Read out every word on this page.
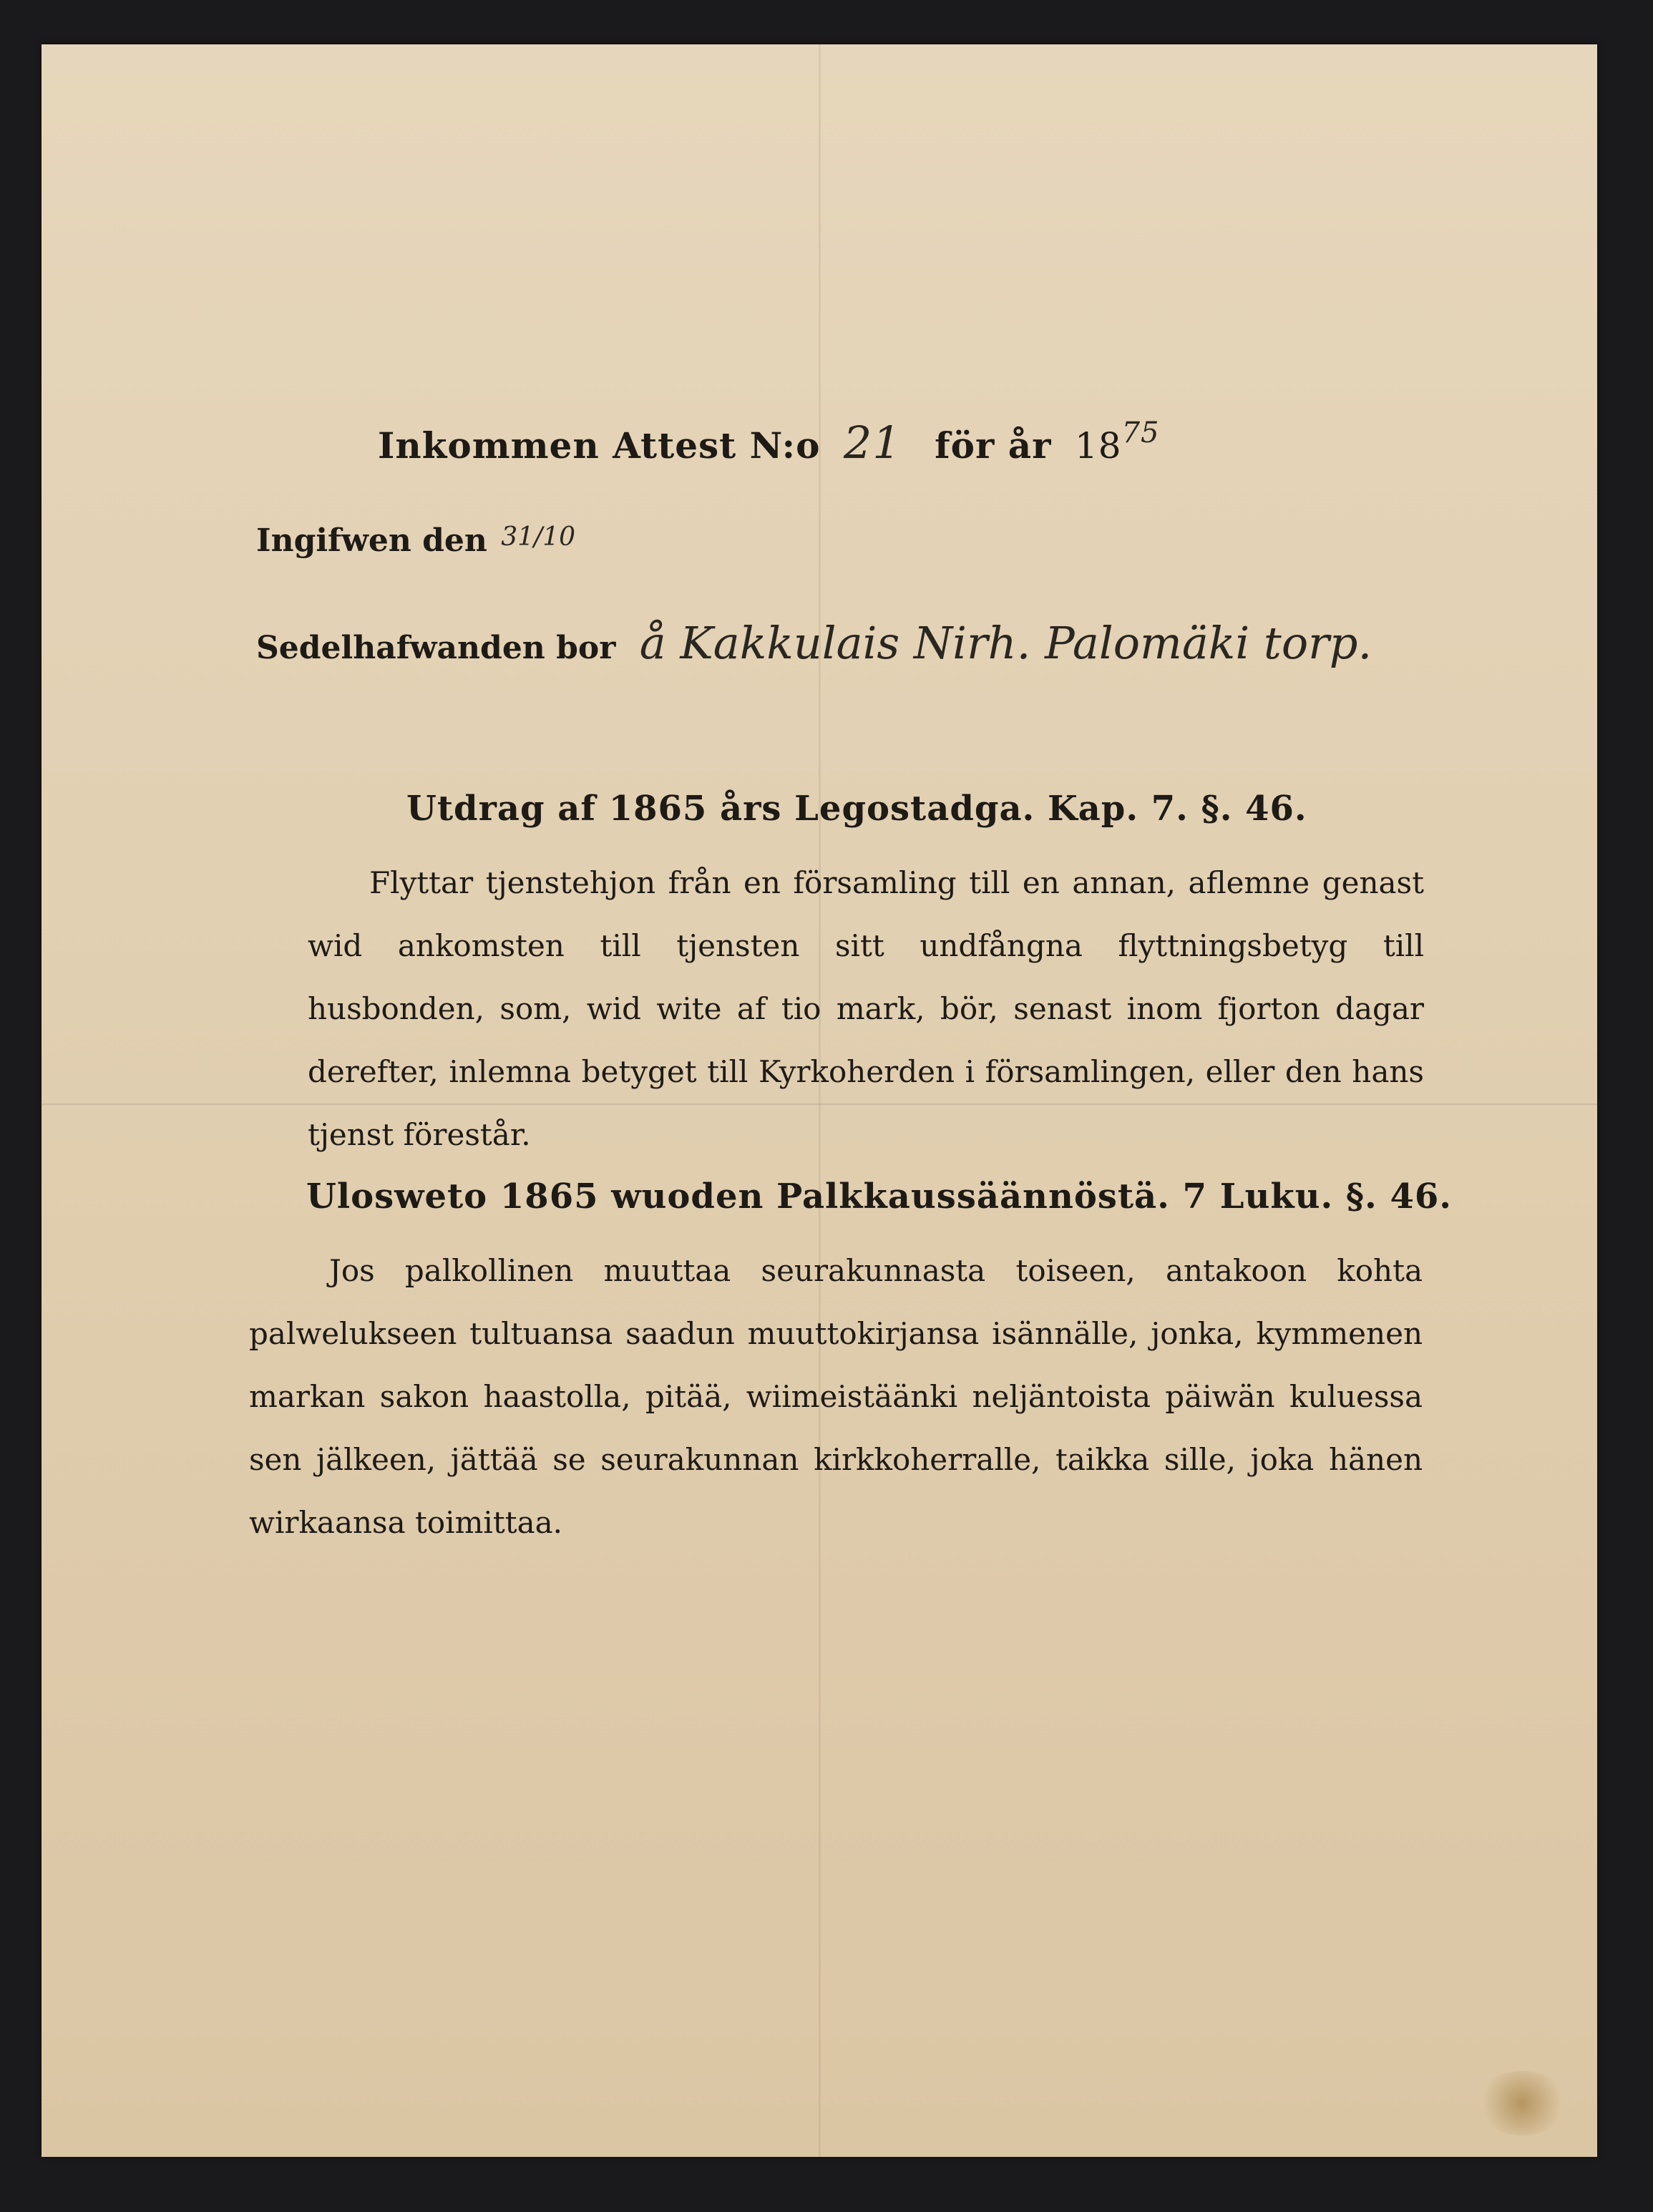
Inkommen Attest N:o 21 för år $18^{75}$
Ingifwen den $^{31/10}$
Sedelhafwanden bor å Kakkulais Nirh. Palomäki torp.
Utdrag af 1865 års Legostadga. Kap. 7. §. 46.
Flyttar tjenstehjon från en församling till en annan, aflemne genast wid ankomsten till tjensten sitt undfångna flyttningsbetyg till husbonden, som, wid wite af tio mark, bör, senast inom fjorton dagar derefter, inlemna betyget till Kyrkoherden i församlingen, eller den hans tjenst förestår.
Ulosweto 1865 wuoden Palkkaussäännöstä. 7 Luku. §. 46.
Jos palkollinen muuttaa seurakunnasta toiseen, antakoon kohta palwelukseen tultuansa saadun muuttokirjansa isännälle, jonka, kymmenen markan sakon haastolla, pitää, wiimeistäänki neljäntoista päiwän kuluessa sen jälkeen, jättää se seurakunnan kirkkoherralle, taikka sille, joka hänen wirkaansa toimittaa.
